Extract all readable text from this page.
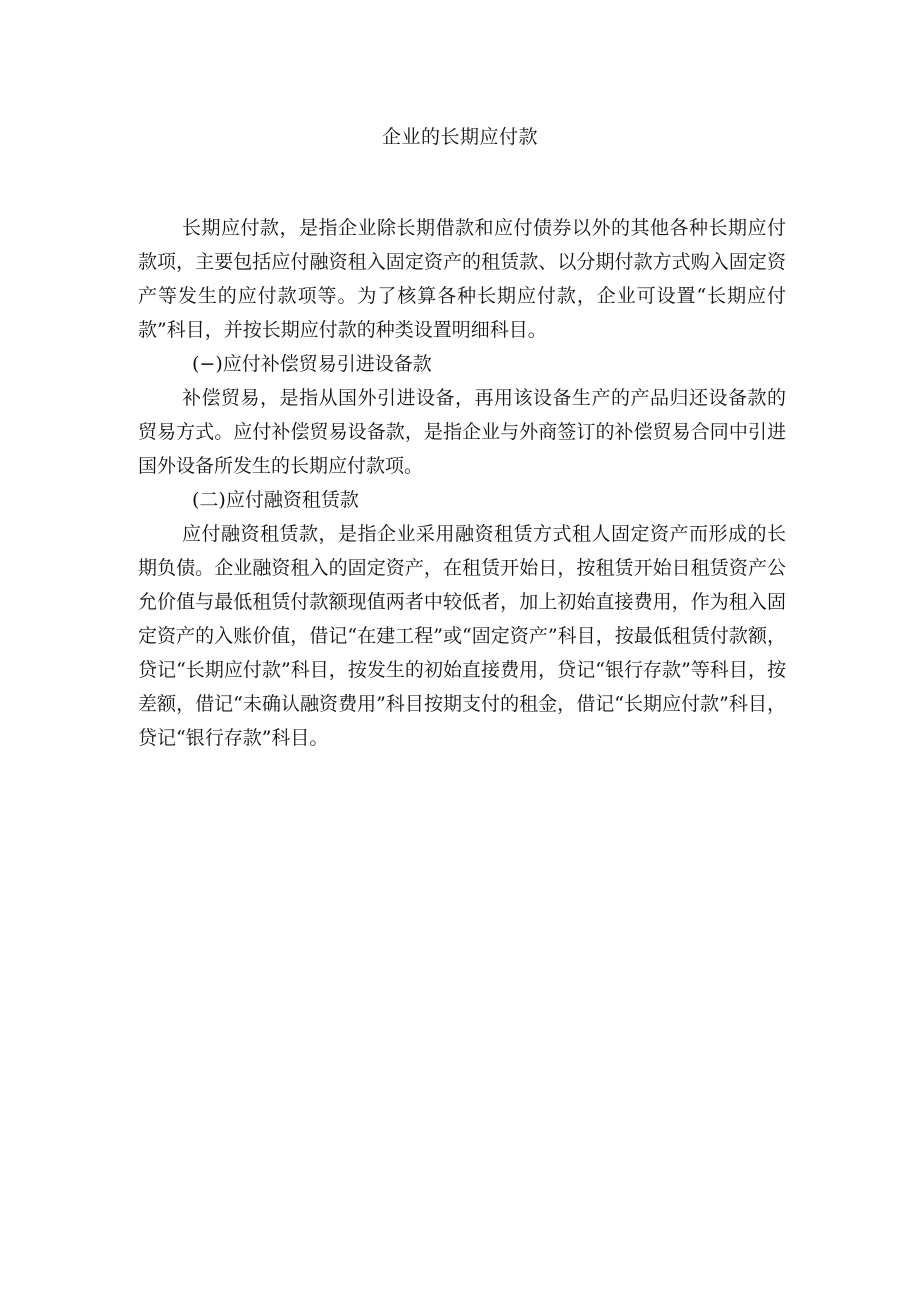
企业的长期应付款

长期应付款，是指企业除长期借款和应付债券以外的其他各种长期应付款项，主要包括应付融资租入固定资产的租赁款、以分期付款方式购入固定资产等发生的应付款项等。为了核算各种长期应付款，企业可设置“长期应付款”科目，并按长期应付款的种类设置明细科目。

(−)应付补偿贸易引进设备款

补偿贸易，是指从国外引进设备，再用该设备生产的产品归还设备款的贸易方式。应付补偿贸易设备款，是指企业与外商签订的补偿贸易合同中引进国外设备所发生的长期应付款项。

(二)应付融资租赁款

应付融资租赁款，是指企业采用融资租赁方式租人固定资产而形成的长期负债。企业融资租入的固定资产，在租赁开始日，按租赁开始日租赁资产公允价值与最低租赁付款额现值两者中较低者，加上初始直接费用，作为租入固定资产的入账价值，借记“在建工程”或“固定资产”科目，按最低租赁付款额，贷记“长期应付款”科目，按发生的初始直接费用，贷记“银行存款”等科目，按差额，借记“未确认融资费用”科目按期支付的租金，借记“长期应付款”科目，贷记“银行存款”科目。
